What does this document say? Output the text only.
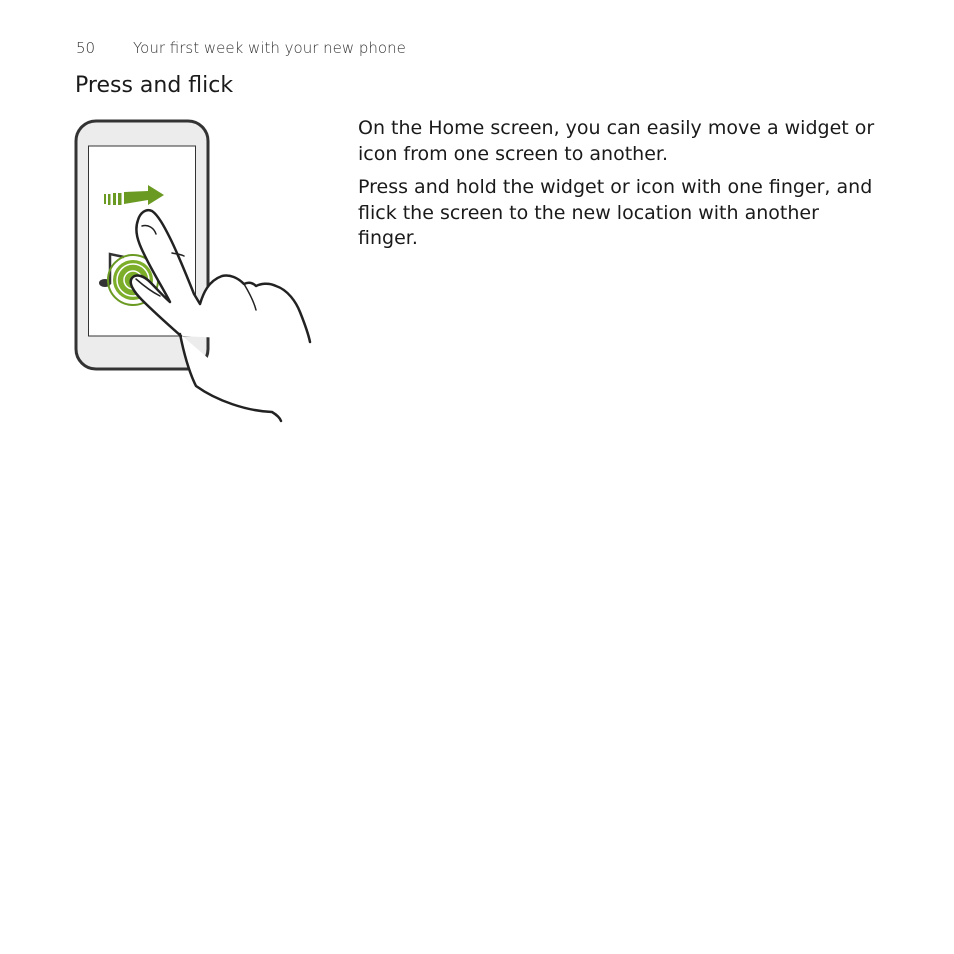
50	Your first week with your new phone
Press and flick

On the Home screen, you can easily move a widget or icon from one screen to another.

Press and hold the widget or icon with one finger, and flick the screen to the new location with another finger.
